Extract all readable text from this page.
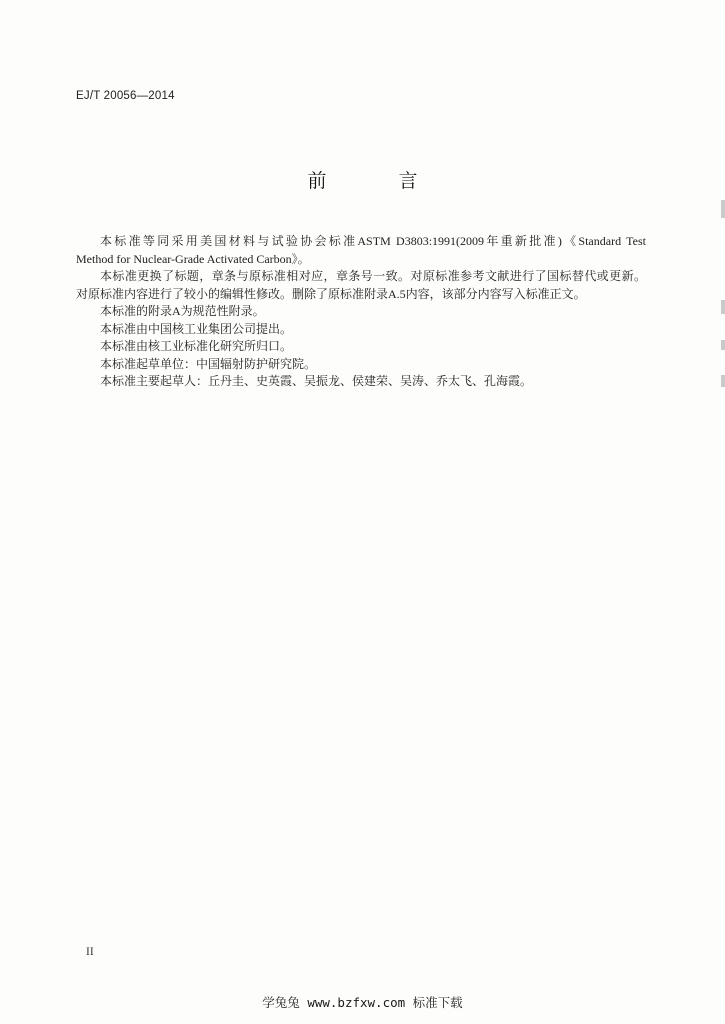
EJ/T 20056—2014
前	言

本标准等同采用美国材料与试验协会标准ASTM D3803:1991(2009年重新批准)《Standard Test

Method for Nuclear-Grade Activated Carbon》。

本标准更换了标题，章条与原标准相对应，章条号一致。对原标准参考文献进行了国标替代或更新。

对原标准内容进行了较小的编辑性修改。删除了原标准附录A.5内容，该部分内容写入标准正文。

本标准的附录A为规范性附录。

本标准由中国核工业集团公司提出。

本标准由核工业标准化研究所归口。

本标准起草单位：中国辐射防护研究院。

本标准主要起草人：丘丹圭、史英霞、吴振龙、侯建荣、吴涛、乔太飞、孔海霞。

II
学兔兔 www.bzfxw.com 标准下载
